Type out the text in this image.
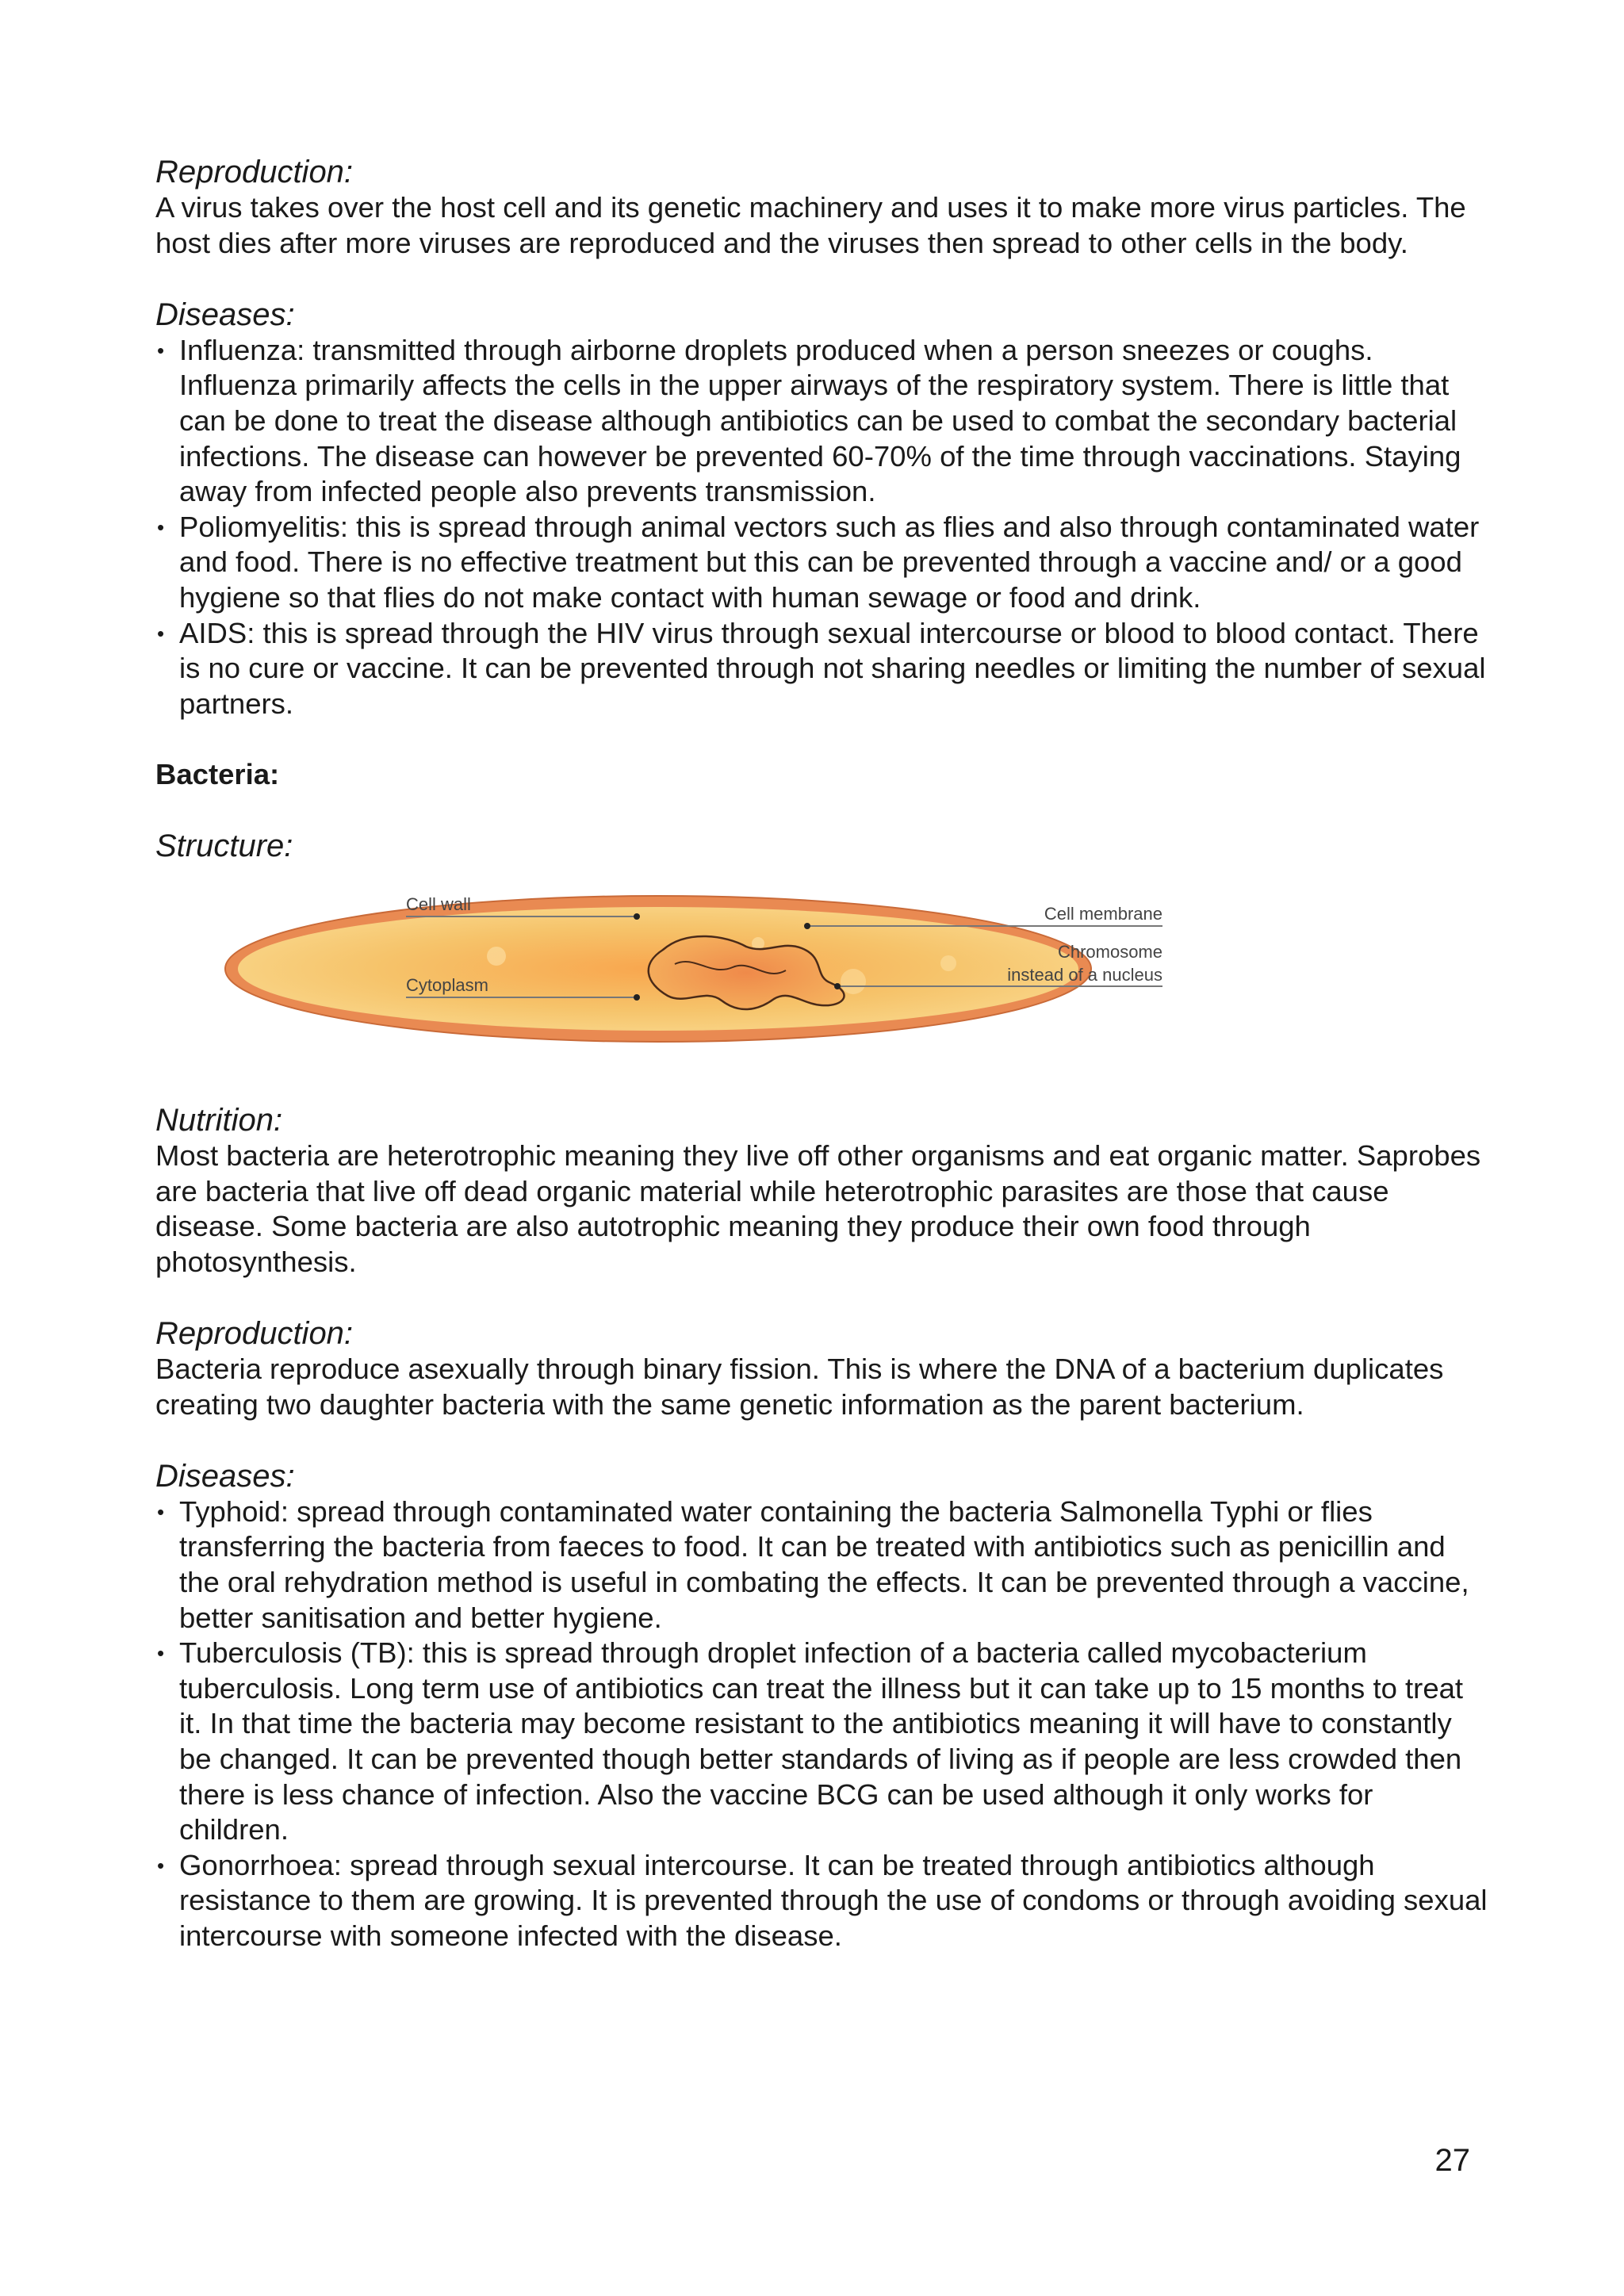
Reproduction:

A virus takes over the host cell and its genetic machinery and uses it to make more virus particles. The host dies after more viruses are reproduced and the viruses then spread to other cells in the body.

Diseases:

• Influenza: transmitted through airborne droplets produced when a person sneezes or coughs. Influenza primarily affects the cells in the upper airways of the respiratory system. There is little that can be done to treat the disease although antibiotics can be used to combat the secondary bacterial infections. The disease can however be prevented 60-70% of the time through vaccinations. Staying away from infected people also prevents transmission.
• Poliomyelitis: this is spread through animal vectors such as flies and also through contaminated water and food. There is no effective treatment but this can be prevented through a vaccine and/ or a good hygiene so that flies do not make contact with human sewage or food and drink.
• AIDS: this is spread through the HIV virus through sexual intercourse or blood to blood contact. There is no cure or vaccine. It can be prevented through not sharing needles or limiting the number of sexual partners.

Bacteria:

Structure:

Cell wall
Cytoplasm
Cell membrane
Chromosome
instead of a nucleus

Nutrition:

Most bacteria are heterotrophic meaning they live off other organisms and eat organic matter. Saprobes are bacteria that live off dead organic material while heterotrophic parasites are those that cause disease. Some bacteria are also autotrophic meaning they produce their own food through photosynthesis.

Reproduction:

Bacteria reproduce asexually through binary fission. This is where the DNA of a bacterium duplicates creating two daughter bacteria with the same genetic information as the parent bacterium.

Diseases:

• Typhoid: spread through contaminated water containing the bacteria Salmonella Typhi or flies transferring the bacteria from faeces to food. It can be treated with antibiotics such as penicillin and the oral rehydration method is useful in combating the effects. It can be prevented through a vaccine, better sanitisation and better hygiene.
• Tuberculosis (TB): this is spread through droplet infection of a bacteria called mycobacterium tuberculosis. Long term use of antibiotics can treat the illness but it can take up to 15 months to treat it. In that time the bacteria may become resistant to the antibiotics meaning it will have to constantly be changed. It can be prevented though better standards of living as if people are less crowded then there is less chance of infection. Also the vaccine BCG can be used although it only works for children.
• Gonorrhoea: spread through sexual intercourse. It can be treated through antibiotics although resistance to them are growing. It is prevented through the use of condoms or through avoiding sexual intercourse with someone infected with the disease.
27
